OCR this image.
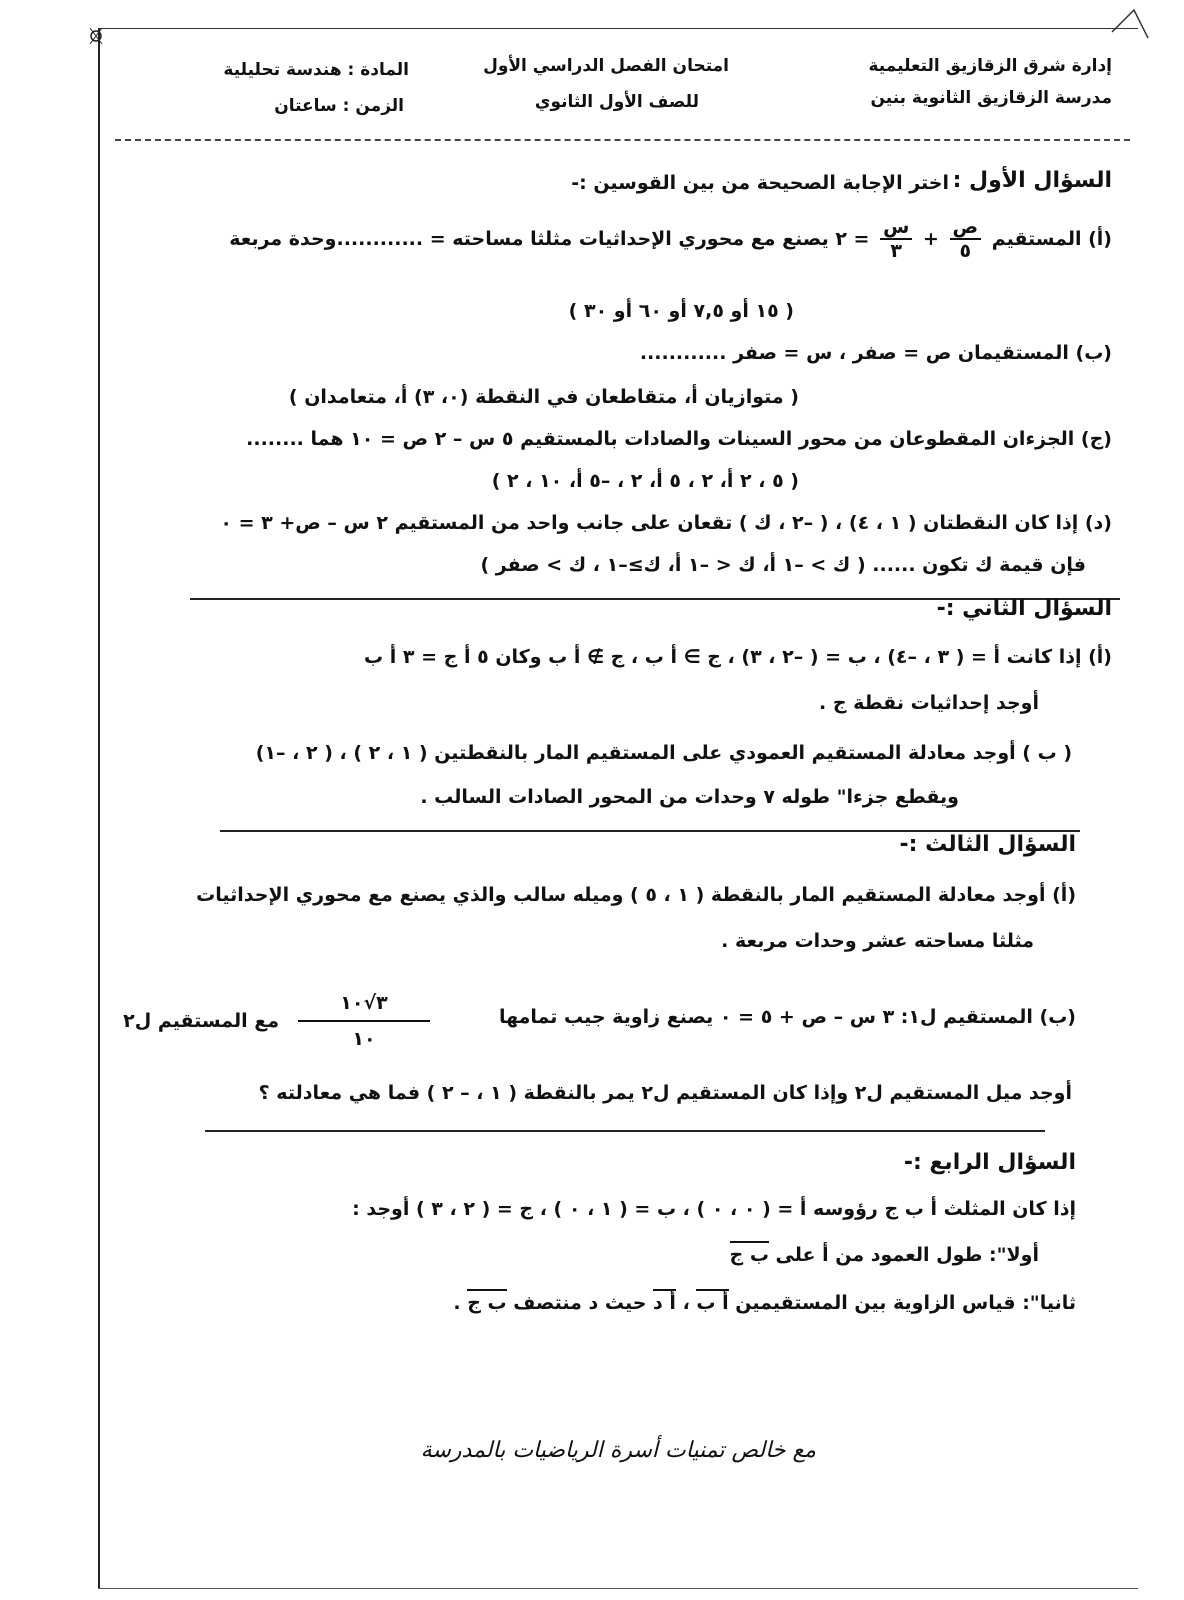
إدارة شرق الزقازيق التعليمية
مدرسة الزقازيق الثانوية بنين
امتحان الفصل الدراسي الأول
للصف الأول الثانوي
المادة : هندسة تحليلية
الزمن : ساعتان
السؤال الأول :
اختر الإجابة الصحيحة من بين القوسين :-
(أ) المستقيم
$\frac{\text{ص}}{٥}$
+
$\frac{\text{س}}{٣}$
= ٢ يصنع مع محوري الإحداثيات مثلثا مساحته = ............وحدة مربعة
( ١٥ أو ٧,٥ أو ٦٠ أو ٣٠ )
(ب) المستقيمان ص = صفر ، س = صفر ............
( متوازيان أ، متقاطعان في النقطة (٠، ٣) أ، متعامدان )
(ج) الجزءان المقطوعان من محور السينات والصادات بالمستقيم ٥ س – ٢ ص = ١٠ هما ........
( ٥ ، ٢ أ، ٢ ، ٥ أ، ٢ ، –٥ أ، ١٠ ، ٢ )
(د) إذا كان النقطتان ( ١ ، ٤) ، ( –٢ ، ك ) تقعان على جانب واحد من المستقيم ٢ س – ص+ ٣ = ٠
فإن قيمة ك تكون ...... ( ك > –١ أ، ك < –١ أ، ك≥–١ ، ك > صفر )
السؤال الثاني :-
(أ) إذا كانت أ = ( ٣ ، –٤) ، ب = ( –٢ ، ٣) ، ج ∋ أ ب ، ج ∌ أ ب وكان ٥ أ ج = ٣ أ ب
أوجد إحداثيات نقطة ج .
( ب ) أوجد معادلة المستقيم العمودي على المستقيم المار بالنقطتين ( ١ ، ٢ ) ، ( ٢ ، –١)
ويقطع جزءا" طوله ٧ وحدات من المحور الصادات السالب .
السؤال الثالث :-
(أ) أوجد معادلة المستقيم المار بالنقطة ( ١ ، ٥ ) وميله سالب والذي يصنع مع محوري الإحداثيات
مثلثا مساحته عشر وحدات مربعة .
(ب) المستقيم ل١: ٣ س – ص + ٥ = ٠ يصنع زاوية جيب تمامها
٣√١٠
١٠
مع المستقيم ل٢
أوجد ميل المستقيم ل٢ وإذا كان المستقيم ل٢ يمر بالنقطة ( ١ ، – ٢ ) فما هي معادلته ؟
السؤال الرابع :-
إذا كان المثلث أ ب ج رؤوسه أ = ( ٠ ، ٠ ) ، ب = ( ١ ، ٠ ) ، ج = ( ٢ ، ٣ ) أوجد :
أولا": طول العمود من أ على ب ج
ثانيا": قياس الزاوية بين المستقيمين أ ب ، أ د حيث د منتصف ب ج .
مع خالص تمنيات أسرة الرياضيات بالمدرسة
